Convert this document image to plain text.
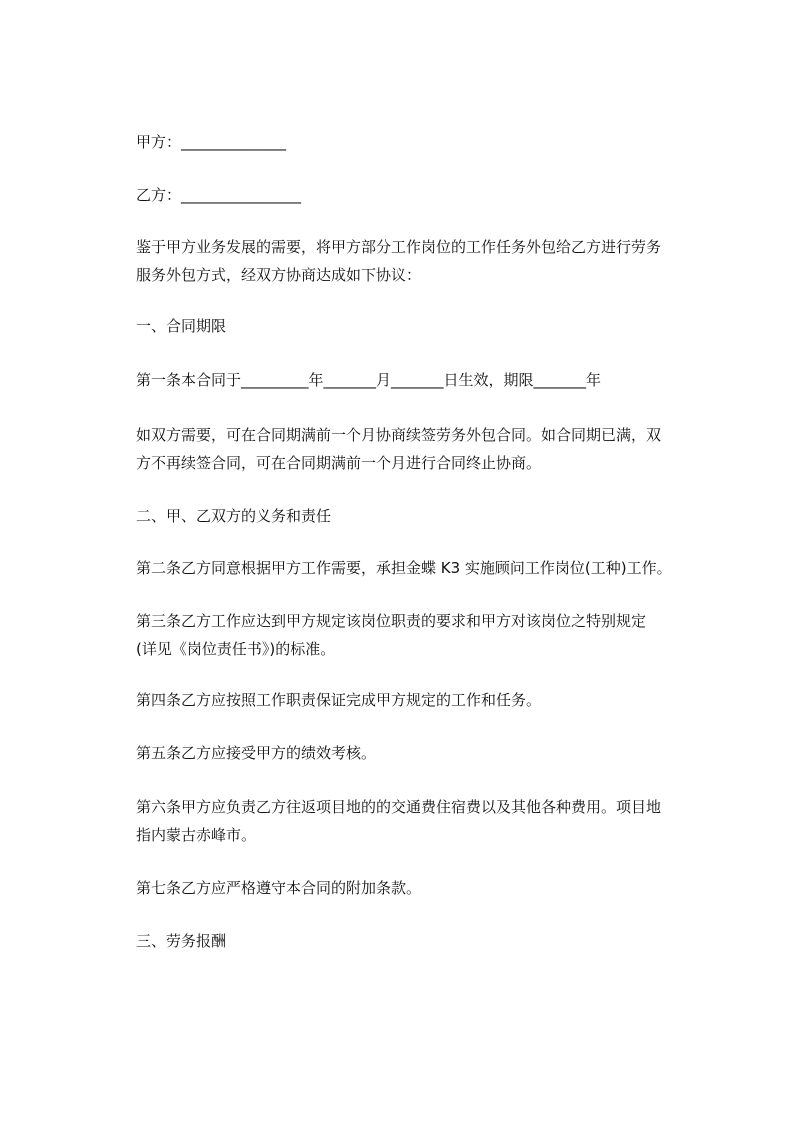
甲方：______________

乙方：________________

鉴于甲方业务发展的需要，将甲方部分工作岗位的工作任务外包给乙方进行劳务
服务外包方式，经双方协商达成如下协议：

一、合同期限

第一条本合同于_________年_______月_______日生效，期限_______年

如双方需要，可在合同期满前一个月协商续签劳务外包合同。如合同期已满，双
方不再续签合同，可在合同期满前一个月进行合同终止协商。

二、甲、乙双方的义务和责任

第二条乙方同意根据甲方工作需要，承担金蝶 K3 实施顾问工作岗位(工种)工作。

第三条乙方工作应达到甲方规定该岗位职责的要求和甲方对该岗位之特别规定
(详见《岗位责任书》)的标准。

第四条乙方应按照工作职责保证完成甲方规定的工作和任务。

第五条乙方应接受甲方的绩效考核。

第六条甲方应负责乙方往返项目地的的交通费住宿费以及其他各种费用。项目地
指内蒙古赤峰市。

第七条乙方应严格遵守本合同的附加条款。

三、劳务报酬
